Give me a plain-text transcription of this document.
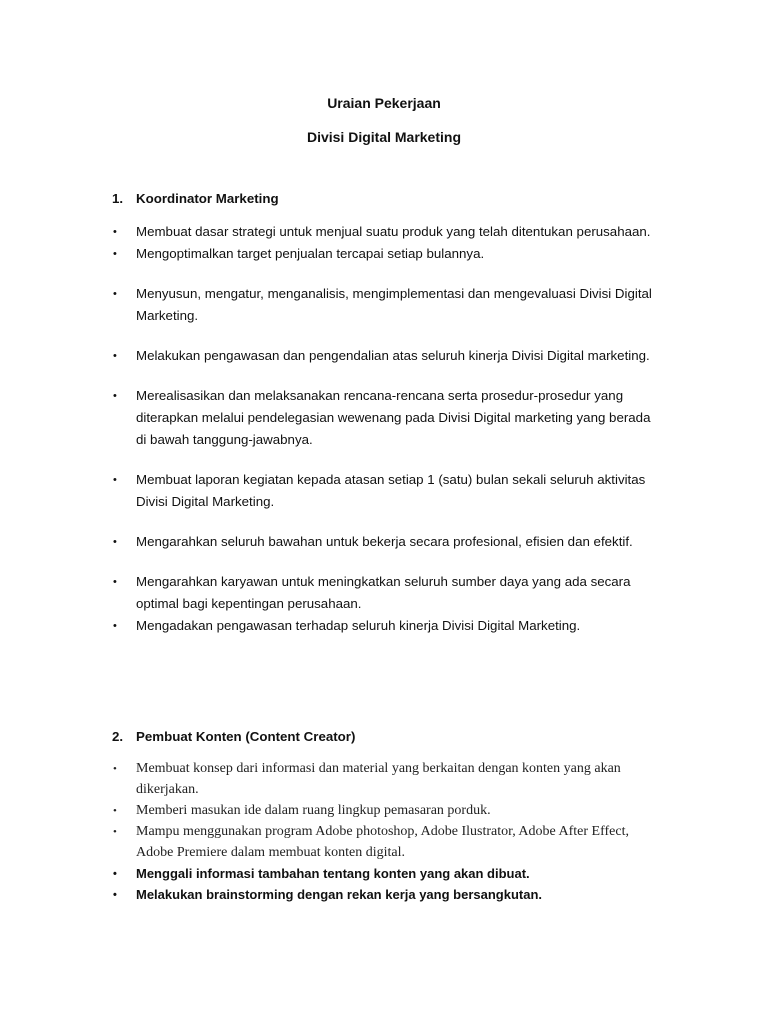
Uraian Pekerjaan
Divisi Digital Marketing
1. Koordinator Marketing
• Membuat dasar strategi untuk menjual suatu produk yang telah ditentukan perusahaan.
• Mengoptimalkan target penjualan tercapai setiap bulannya.
• Menyusun, mengatur, menganalisis, mengimplementasi dan mengevaluasi Divisi Digital Marketing.
• Melakukan pengawasan dan pengendalian atas seluruh kinerja Divisi Digital marketing.
• Merealisasikan dan melaksanakan rencana-rencana serta prosedur-prosedur yang diterapkan melalui pendelegasian wewenang pada Divisi Digital marketing yang berada di bawah tanggung-jawabnya.
• Membuat laporan kegiatan kepada atasan setiap 1 (satu) bulan sekali seluruh aktivitas Divisi Digital Marketing.
• Mengarahkan seluruh bawahan untuk bekerja secara profesional, efisien dan efektif.
• Mengarahkan karyawan untuk meningkatkan seluruh sumber daya yang ada secara optimal bagi kepentingan perusahaan.
• Mengadakan pengawasan terhadap seluruh kinerja Divisi Digital Marketing.
2. Pembuat Konten (Content Creator)
• Membuat konsep dari informasi dan material yang berkaitan dengan konten yang akan dikerjakan.
• Memberi masukan ide dalam ruang lingkup pemasaran porduk.
• Mampu menggunakan program Adobe photoshop, Adobe Ilustrator, Adobe After Effect, Adobe Premiere dalam membuat konten digital.
• Menggali informasi tambahan tentang konten yang akan dibuat.
• Melakukan brainstorming dengan rekan kerja yang bersangkutan.
